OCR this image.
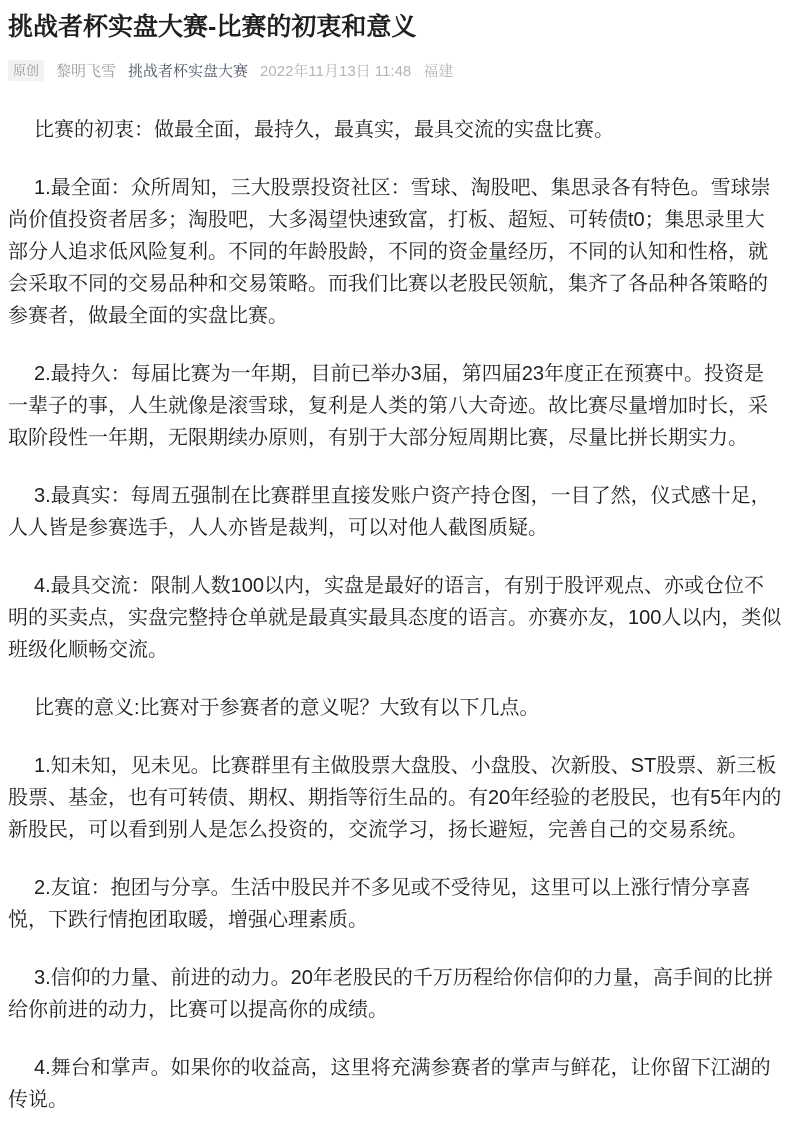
挑战者杯实盘大赛-比赛的初衷和意义
原创	黎明飞雪 挑战者杯实盘大赛 2022年11月13日 11:48 福建

比赛的初衷：做最全面，最持久，最真实，最具交流的实盘比赛。

1.最全面：众所周知，三大股票投资社区：雪球、淘股吧、集思录各有特色。雪球崇尚价值投资者居多；淘股吧，大多渴望快速致富，打板、超短、可转债t0；集思录里大部分人追求低风险复利。不同的年龄股龄，不同的资金量经历，不同的认知和性格，就会采取不同的交易品种和交易策略。而我们比赛以老股民领航，集齐了各品种各策略的参赛者，做最全面的实盘比赛。

2.最持久：每届比赛为一年期，目前已举办3届，第四届23年度正在预赛中。投资是一辈子的事，人生就像是滚雪球，复利是人类的第八大奇迹。故比赛尽量增加时长，采取阶段性一年期，无限期续办原则，有别于大部分短周期比赛，尽量比拼长期实力。

3.最真实：每周五强制在比赛群里直接发账户资产持仓图，一目了然，仪式感十足，人人皆是参赛选手，人人亦皆是裁判，可以对他人截图质疑。

4.最具交流：限制人数100以内，实盘是最好的语言，有别于股评观点、亦或仓位不明的买卖点，实盘完整持仓单就是最真实最具态度的语言。亦赛亦友，100人以内，类似班级化顺畅交流。

比赛的意义:比赛对于参赛者的意义呢？大致有以下几点。

1.知未知，见未见。比赛群里有主做股票大盘股、小盘股、次新股、ST股票、新三板股票、基金，也有可转债、期权、期指等衍生品的。有20年经验的老股民，也有5年内的新股民，可以看到别人是怎么投资的，交流学习，扬长避短，完善自己的交易系统。

2.友谊：抱团与分享。生活中股民并不多见或不受待见，这里可以上涨行情分享喜悦，下跌行情抱团取暖，增强心理素质。

3.信仰的力量、前进的动力。20年老股民的千万历程给你信仰的力量，高手间的比拼给你前进的动力，比赛可以提高你的成绩。

4.舞台和掌声。如果你的收益高，这里将充满参赛者的掌声与鲜花，让你留下江湖的传说。
